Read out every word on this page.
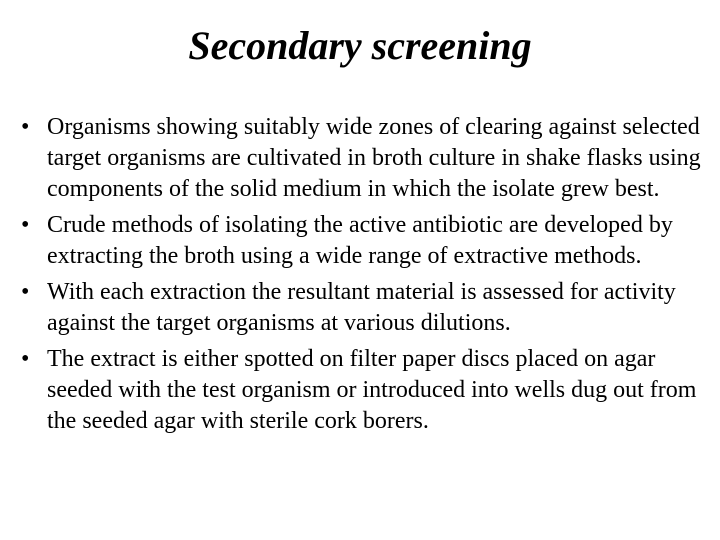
Secondary screening
• Organisms showing suitably wide zones of clearing against selected target organisms are cultivated in broth culture in shake flasks using components of the solid medium in which the isolate grew best.
• Crude methods of isolating the active antibiotic are developed by extracting the broth using a wide range of extractive methods.
• With each extraction the resultant material is assessed for activity against the target organisms at various dilutions.
• The extract is either spotted on filter paper discs placed on agar seeded with the test organism or introduced into wells dug out from the seeded agar with sterile cork borers.
